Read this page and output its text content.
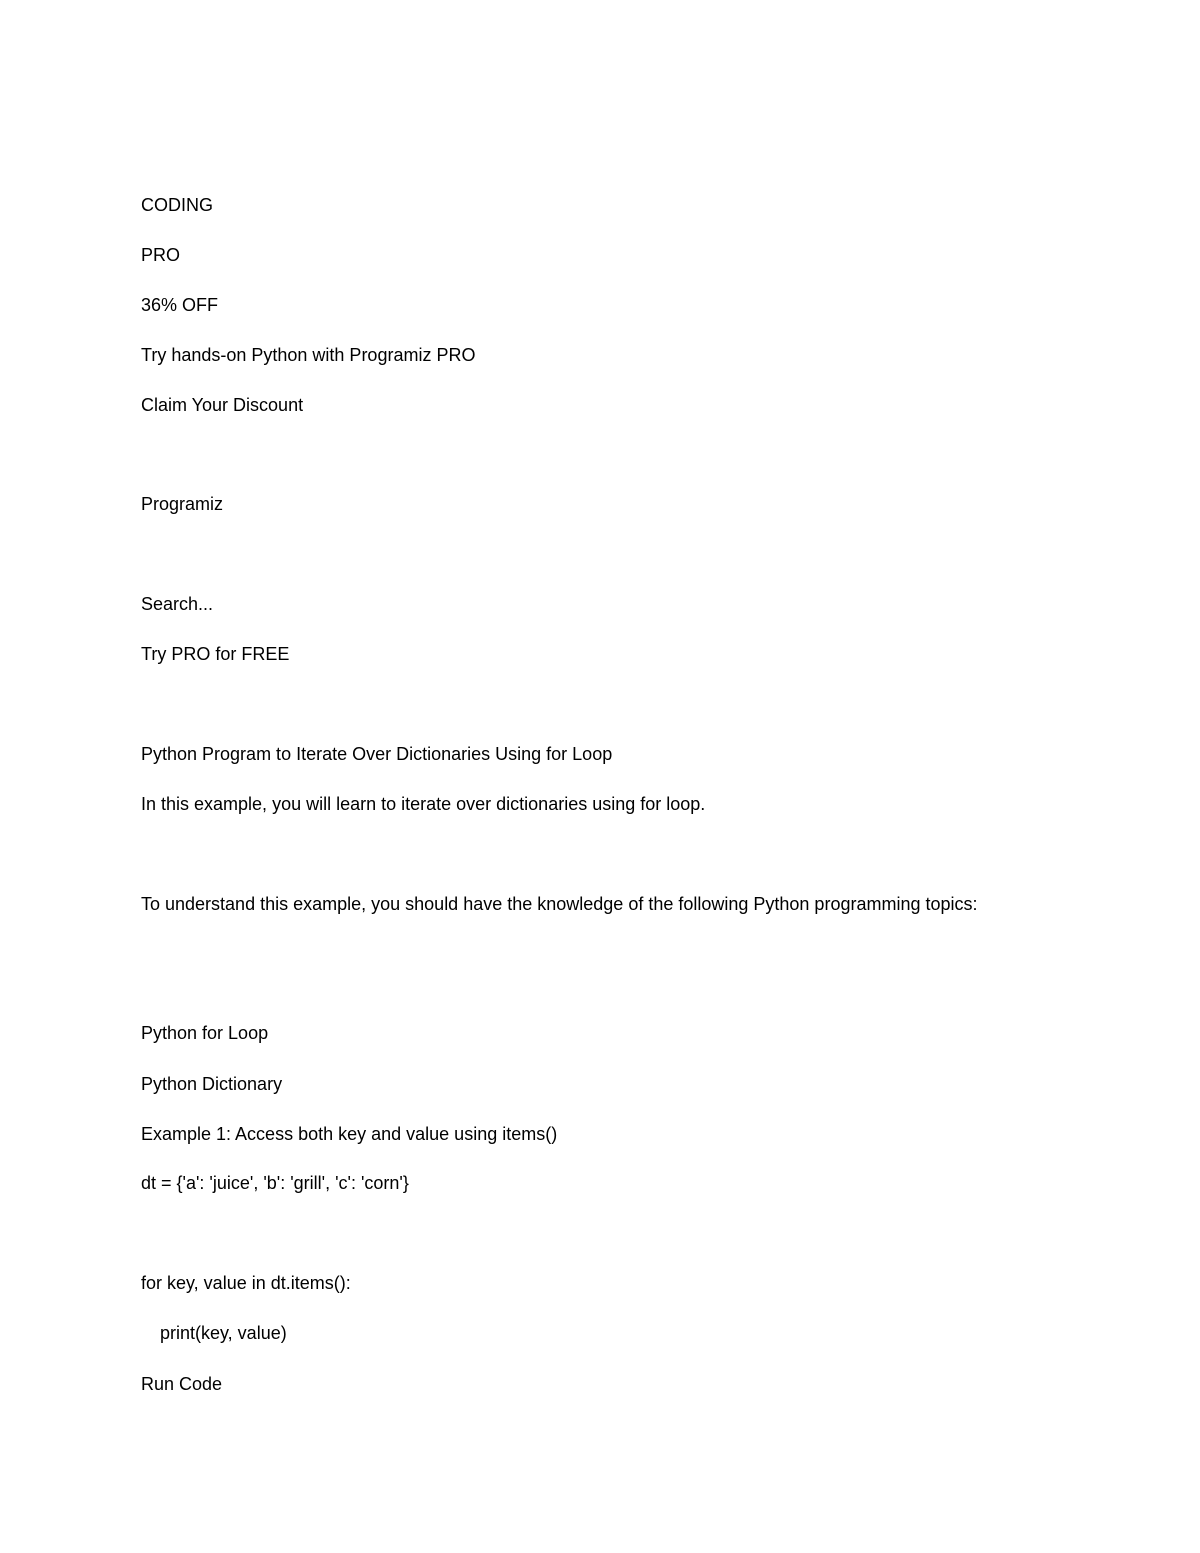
CODING

PRO

36% OFF

Try hands-on Python with Programiz PRO

Claim Your Discount

Programiz

Search...

Try PRO for FREE

Python Program to Iterate Over Dictionaries Using for Loop

In this example, you will learn to iterate over dictionaries using for loop.

To understand this example, you should have the knowledge of the following Python programming topics:

Python for Loop

Python Dictionary

Example 1: Access both key and value using items()

dt = {'a': 'juice', 'b': 'grill', 'c': 'corn'}

for key, value in dt.items():

print(key, value)

Run Code
